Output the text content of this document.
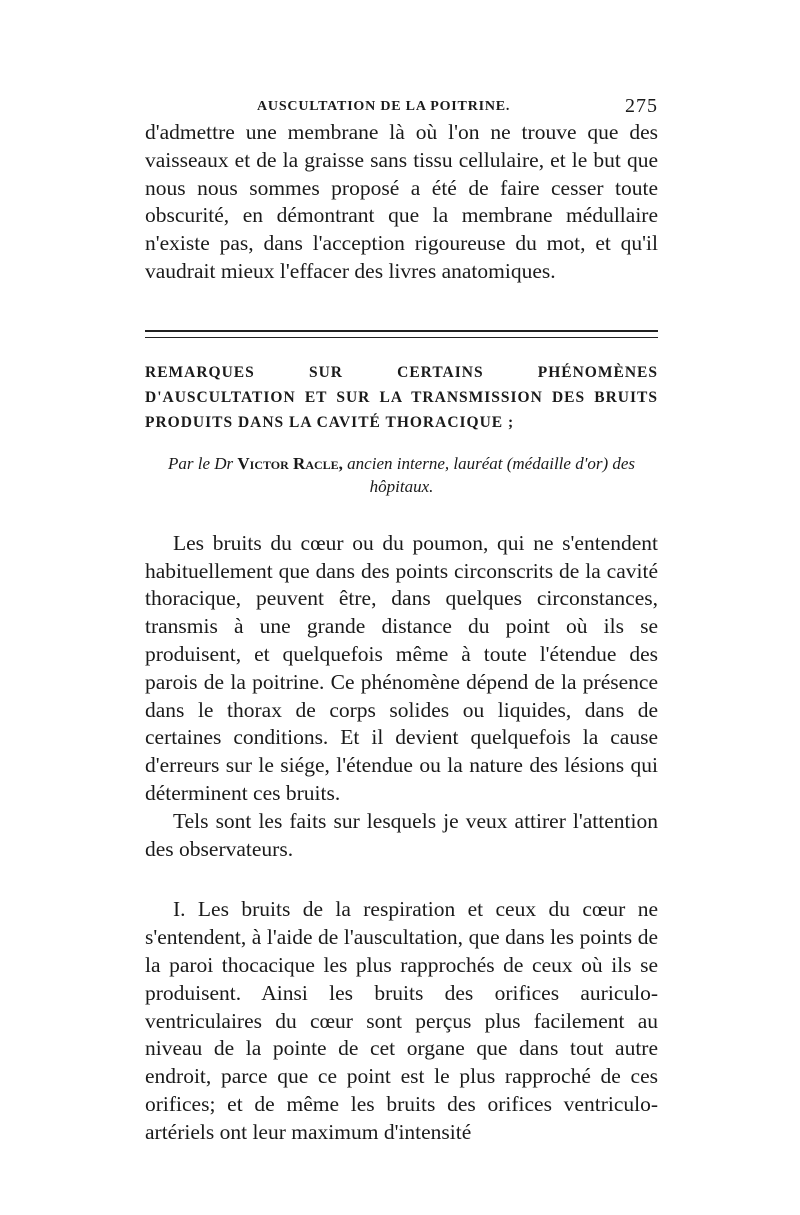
AUSCULTATION DE LA POITRINE.	275

d'admettre une membrane là où l'on ne trouve que des vaisseaux et de la graisse sans tissu cellulaire, et le but que nous nous sommes proposé a été de faire cesser toute obscurité, en démontrant que la membrane médullaire n'existe pas, dans l'acception rigoureuse du mot, et qu'il vaudrait mieux l'effacer des livres anatomiques.

REMARQUES SUR CERTAINS PHÉNOMÈNES D'AUSCULTATION ET SUR LA TRANSMISSION DES BRUITS PRODUITS DANS LA CAVITÉ THORACIQUE ;
Par le Dr Victor Racle, ancien interne, lauréat (médaille d'or) des hôpitaux.

Les bruits du cœur ou du poumon, qui ne s'entendent habituellement que dans des points circonscrits de la cavité thoracique, peuvent être, dans quelques circonstances, transmis à une grande distance du point où ils se produisent, et quelquefois même à toute l'étendue des parois de la poitrine. Ce phénomène dépend de la présence dans le thorax de corps solides ou liquides, dans de certaines conditions. Et il devient quelquefois la cause d'erreurs sur le siége, l'étendue ou la nature des lésions qui déterminent ces bruits.

Tels sont les faits sur lesquels je veux attirer l'attention des observateurs.

I. Les bruits de la respiration et ceux du cœur ne s'entendent, à l'aide de l'auscultation, que dans les points de la paroi thocacique les plus rapprochés de ceux où ils se produisent. Ainsi les bruits des orifices auriculo-ventriculaires du cœur sont perçus plus facilement au niveau de la pointe de cet organe que dans tout autre endroit, parce que ce point est le plus rapproché de ces orifices; et de même les bruits des orifices ventriculo-artériels ont leur maximum d'intensité
